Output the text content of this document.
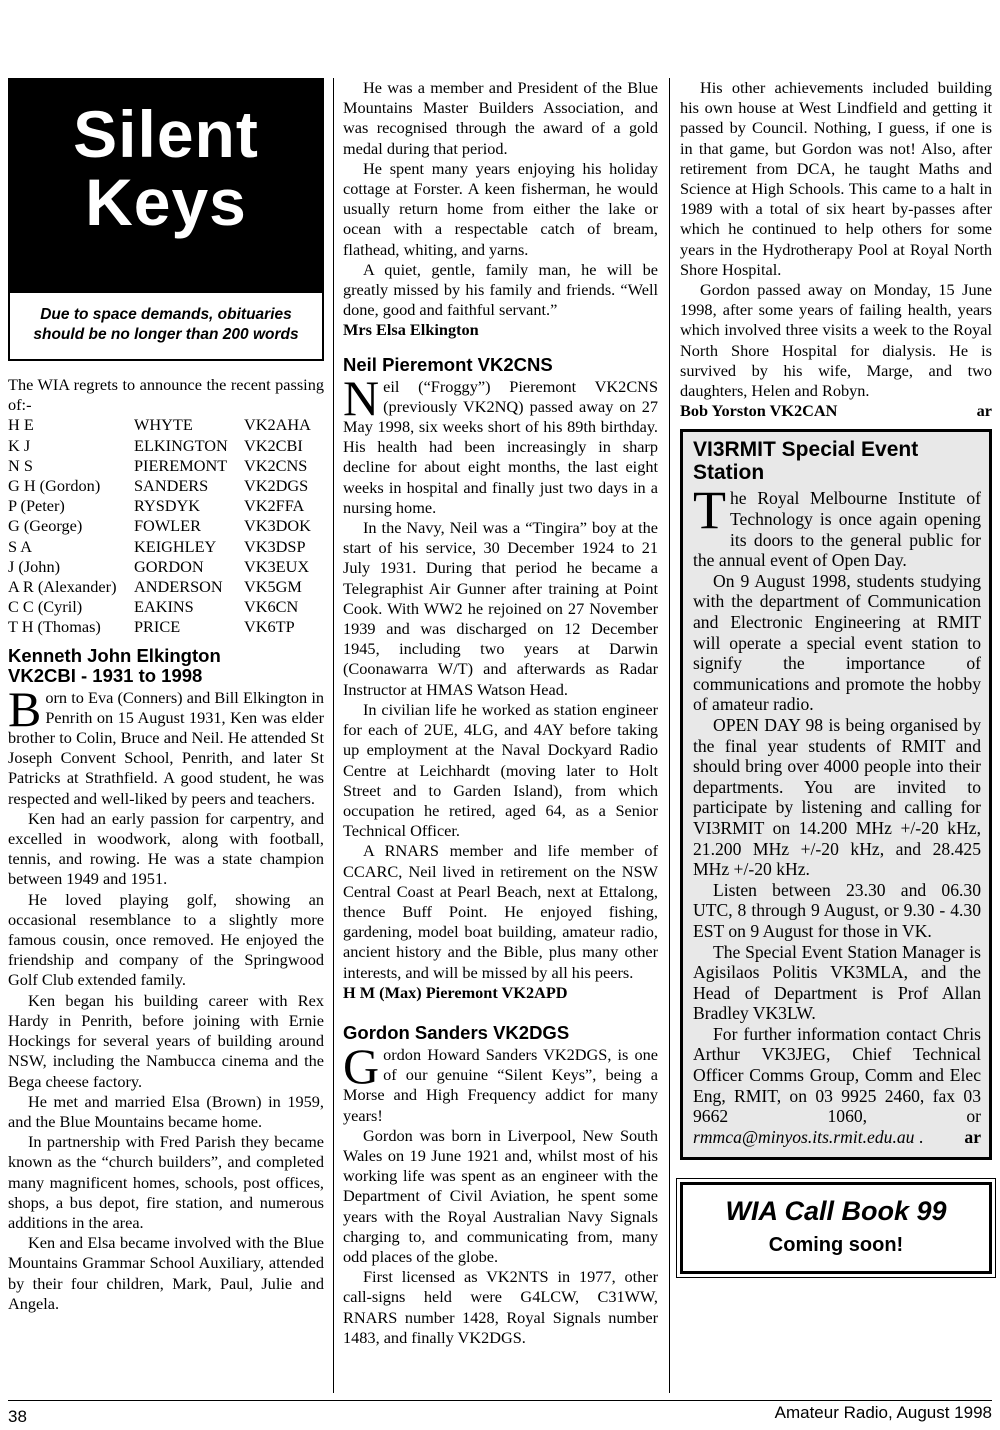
Silent
Keys
Due to space demands, obituaries should be no longer than 200 words

The WIA regrets to announce the recent passing of:-

H E	WHYTE	VK2AHA
K J	ELKINGTON	VK2CBI
N S	PIEREMONT	VK2CNS
G H (Gordon)	SANDERS	VK2DGS
P (Peter)	RYSDYK	VK2FFA
G (George)	FOWLER	VK3DOK
S A	KEIGHLEY	VK3DSP
J (John)	GORDON	VK3EUX
A R (Alexander)	ANDERSON	VK5GM
C C (Cyril)	EAKINS	VK6CN
T H (Thomas)	PRICE	VK6TP
Kenneth John Elkington
VK2CBI - 1931 to 1998

Born to Eva (Conners) and Bill Elkington in Penrith on 15 August 1931, Ken was elder brother to Colin, Bruce and Neil. He attended St Joseph Convent School, Penrith, and later St Patricks at Strathfield. A good student, he was respected and well-liked by peers and teachers.

Ken had an early passion for carpentry, and excelled in woodwork, along with football, tennis, and rowing. He was a state champion between 1949 and 1951.

He loved playing golf, showing an occasional resemblance to a slightly more famous cousin, once removed. He enjoyed the friendship and company of the Springwood Golf Club extended family.

Ken began his building career with Rex Hardy in Penrith, before joining with Ernie Hockings for several years of building around NSW, including the Nambucca cinema and the Bega cheese factory.

He met and married Elsa (Brown) in 1959, and the Blue Mountains became home.

In partnership with Fred Parish they became known as the “church builders”, and completed many magnificent homes, schools, post offices, shops, a bus depot, fire station, and numerous additions in the area.

Ken and Elsa became involved with the Blue Mountains Grammar School Auxiliary, attended by their four children, Mark, Paul, Julie and Angela.

He was a member and President of the Blue Mountains Master Builders Association, and was recognised through the award of a gold medal during that period.

He spent many years enjoying his holiday cottage at Forster. A keen fisherman, he would usually return home from either the lake or ocean with a respectable catch of bream, flathead, whiting, and yarns.

A quiet, gentle, family man, he will be greatly missed by his family and friends. “Well done, good and faithful servant.”

Mrs Elsa Elkington
Neil Pieremont VK2CNS

Neil (“Froggy”) Pieremont VK2CNS (previously VK2NQ) passed away on 27 May 1998, six weeks short of his 89th birthday. His health had been increasingly in sharp decline for about eight months, the last eight weeks in hospital and finally just two days in a nursing home.

In the Navy, Neil was a “Tingira” boy at the start of his service, 30 December 1924 to 21 July 1931. During that period he became a Telegraphist Air Gunner after training at Point Cook. With WW2 he rejoined on 27 November 1939 and was discharged on 12 December 1945, including two years at Darwin (Coonawarra W/T) and afterwards as Radar Instructor at HMAS Watson Head.

In civilian life he worked as station engineer for each of 2UE, 4LG, and 4AY before taking up employment at the Naval Dockyard Radio Centre at Leichhardt (moving later to Holt Street and to Garden Island), from which occupation he retired, aged 64, as a Senior Technical Officer.

A RNARS member and life member of CCARC, Neil lived in retirement on the NSW Central Coast at Pearl Beach, next at Ettalong, thence Buff Point. He enjoyed fishing, gardening, model boat building, amateur radio, ancient history and the Bible, plus many other interests, and will be missed by all his peers.

H M (Max) Pieremont VK2APD
Gordon Sanders VK2DGS

Gordon Howard Sanders VK2DGS, is one of our genuine “Silent Keys”, being a Morse and High Frequency addict for many years!

Gordon was born in Liverpool, New South Wales on 19 June 1921 and, whilst most of his working life was spent as an engineer with the Department of Civil Aviation, he spent some years with the Royal Australian Navy Signals charging to, and communicating from, many odd places of the globe.

First licensed as VK2NTS in 1977, other call-signs held were G4LCW, C31WW, RNARS number 1428, Royal Signals number 1483, and finally VK2DGS.

His other achievements included building his own house at West Lindfield and getting it passed by Council. Nothing, I guess, if one is in that game, but Gordon was not! Also, after retirement from DCA, he taught Maths and Science at High Schools. This came to a halt in 1989 with a total of six heart by-passes after which he continued to help others for some years in the Hydrotherapy Pool at Royal North Shore Hospital.

Gordon passed away on Monday, 15 June 1998, after some years of failing health, years which involved three visits a week to the Royal North Shore Hospital for dialysis. He is survived by his wife, Marge, and two daughters, Helen and Robyn.

Bob Yorston VK2CAN	ar
VI3RMIT Special Event Station

The Royal Melbourne Institute of Technology is once again opening its doors to the general public for the annual event of Open Day.

On 9 August 1998, students studying with the department of Communication and Electronic Engineering at RMIT will operate a special event station to signify the importance of communications and promote the hobby of amateur radio.

OPEN DAY 98 is being organised by the final year students of RMIT and should bring over 4000 people into their departments. You are invited to participate by listening and calling for VI3RMIT on 14.200 MHz +/-20 kHz, 21.200 MHz +/-20 kHz, and 28.425 MHz +/-20 kHz.

Listen between 23.30 and 06.30 UTC, 8 through 9 August, or 9.30 - 4.30 EST on 9 August for those in VK.

The Special Event Station Manager is Agisilaos Politis VK3MLA, and the Head of Department is Prof Allan Bradley VK3LW.

For further information contact Chris Arthur VK3JEG, Chief Technical Officer Comms Group, Comm and Elec Eng, RMIT, on 03 9925 2460, fax 03 9662 1060, or rmmca@minyos.its.rmit.edu.au .	ar

WIA Call Book 99
Coming soon!
38	Amateur Radio, August 1998
